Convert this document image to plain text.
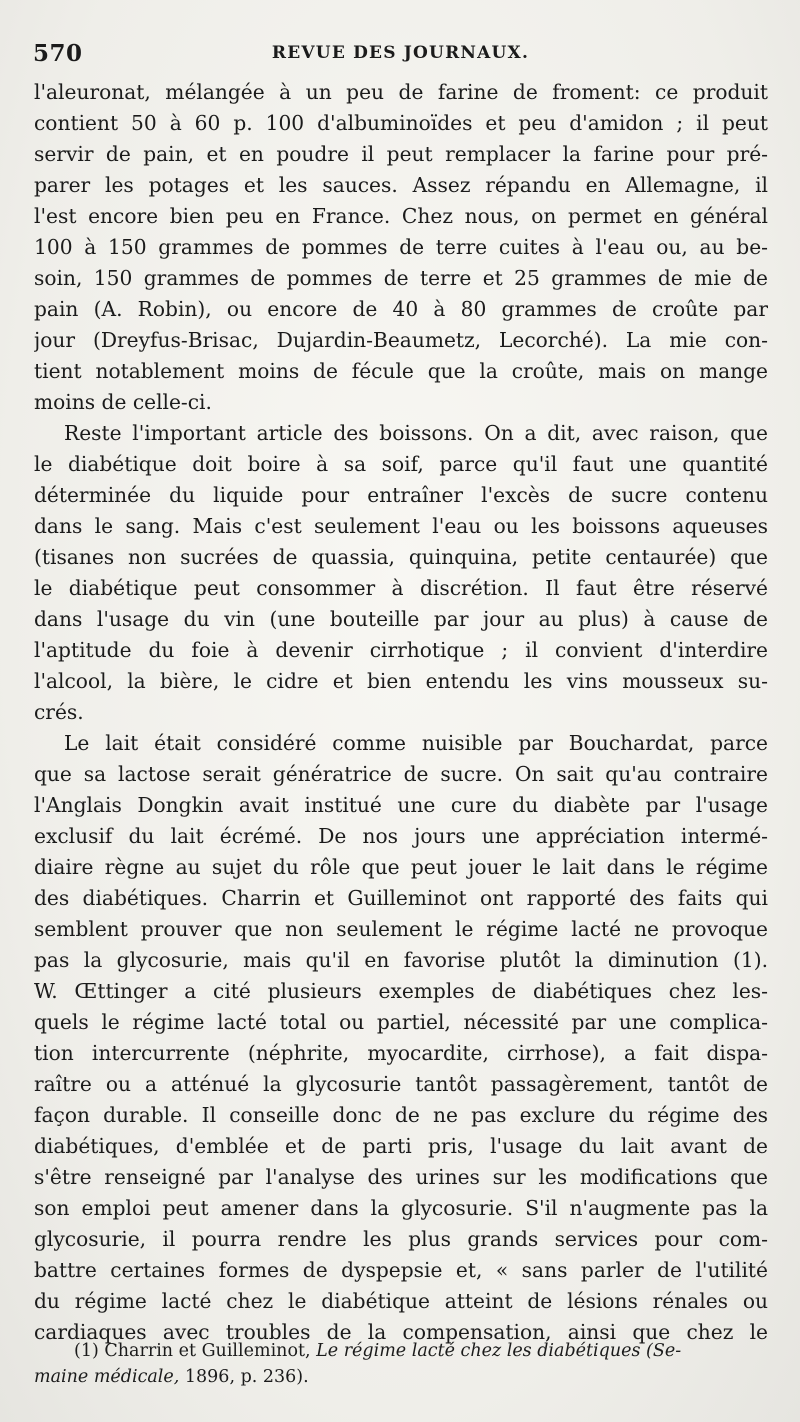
570	REVUE DES JOURNAUX.
l'aleuronat, mélangée à un peu de farine de froment: ce produit
contient 50 à 60 p. 100 d'albuminoïdes et peu d'amidon ; il peut
servir de pain, et en poudre il peut remplacer la farine pour pré-
parer les potages et les sauces. Assez répandu en Allemagne, il
l'est encore bien peu en France. Chez nous, on permet en général
100 à 150 grammes de pommes de terre cuites à l'eau ou, au be-
soin, 150 grammes de pommes de terre et 25 grammes de mie de
pain (A. Robin), ou encore de 40 à 80 grammes de croûte par
jour (Dreyfus-Brisac, Dujardin-Beaumetz, Lecorché). La mie con-
tient notablement moins de fécule que la croûte, mais on mange
moins de celle-ci.
Reste l'important article des boissons. On a dit, avec raison, que
le diabétique doit boire à sa soif, parce qu'il faut une quantité
déterminée du liquide pour entraîner l'excès de sucre contenu
dans le sang. Mais c'est seulement l'eau ou les boissons aqueuses
(tisanes non sucrées de quassia, quinquina, petite centaurée) que
le diabétique peut consommer à discrétion. Il faut être réservé
dans l'usage du vin (une bouteille par jour au plus) à cause de
l'aptitude du foie à devenir cirrhotique ; il convient d'interdire
l'alcool, la bière, le cidre et bien entendu les vins mousseux su-
crés.
Le lait était considéré comme nuisible par Bouchardat, parce
que sa lactose serait génératrice de sucre. On sait qu'au contraire
l'Anglais Dongkin avait institué une cure du diabète par l'usage
exclusif du lait écrémé. De nos jours une appréciation intermé-
diaire règne au sujet du rôle que peut jouer le lait dans le régime
des diabétiques. Charrin et Guilleminot ont rapporté des faits qui
semblent prouver que non seulement le régime lacté ne provoque
pas la glycosurie, mais qu'il en favorise plutôt la diminution (1).
W. Œttinger a cité plusieurs exemples de diabétiques chez les-
quels le régime lacté total ou partiel, nécessité par une complica-
tion intercurrente (néphrite, myocardite, cirrhose), a fait dispa-
raître ou a atténué la glycosurie tantôt passagèrement, tantôt de
façon durable. Il conseille donc de ne pas exclure du régime des
diabétiques, d'emblée et de parti pris, l'usage du lait avant de
s'être renseigné par l'analyse des urines sur les modifications que
son emploi peut amener dans la glycosurie. S'il n'augmente pas la
glycosurie, il pourra rendre les plus grands services pour com-
battre certaines formes de dyspepsie et, « sans parler de l'utilité
du régime lacté chez le diabétique atteint de lésions rénales ou
cardiaques avec troubles de la compensation, ainsi que chez le
(1) Charrin et Guilleminot, Le régime lacté chez les diabétiques (Se-
maine médicale, 1896, p. 236).
